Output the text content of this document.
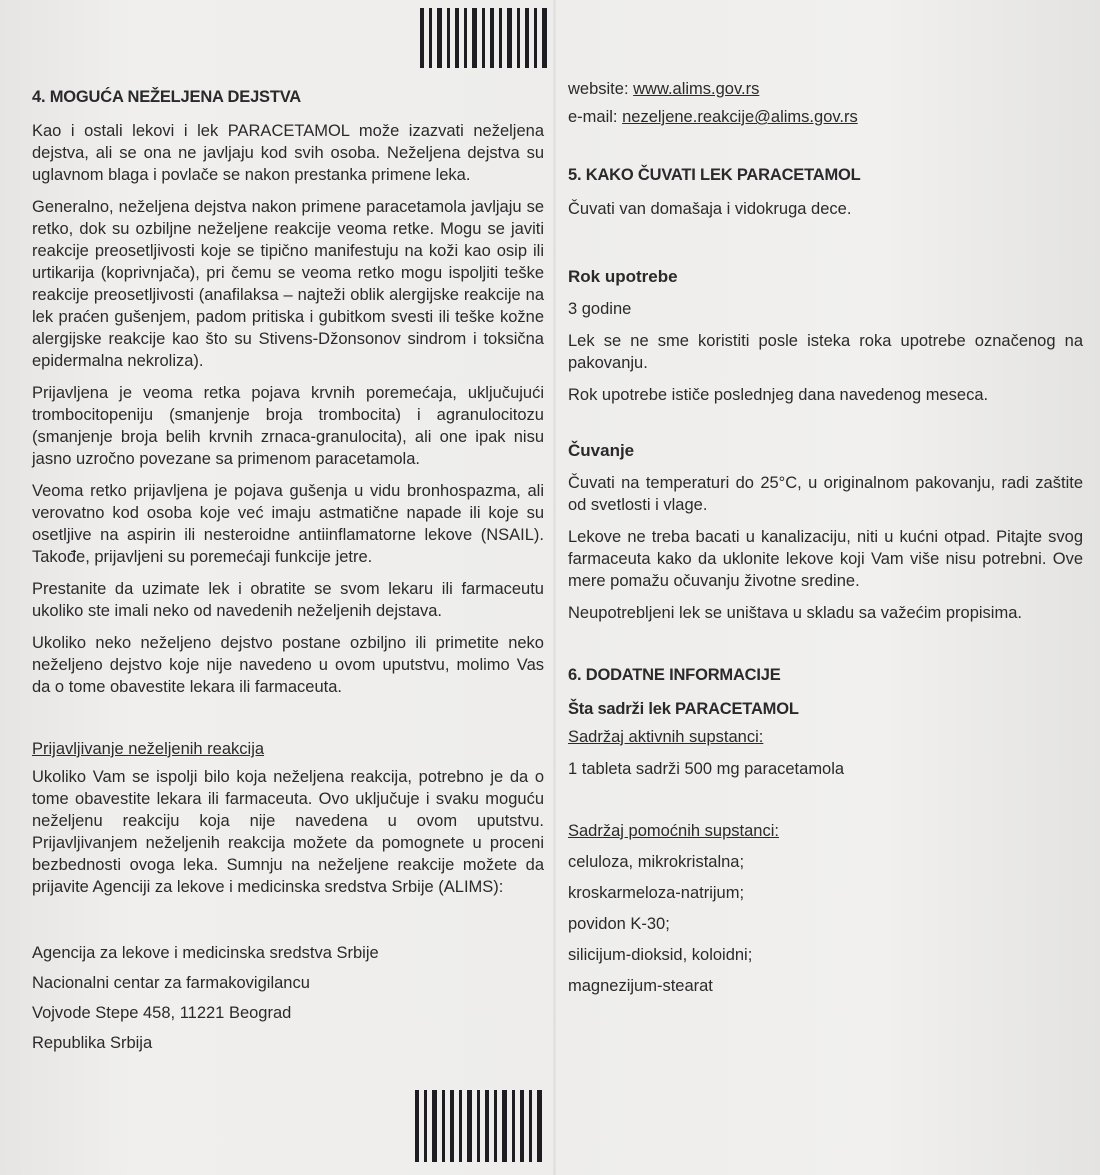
4. MOGUĆA NEŽELJENA DEJSTVA

Kao i ostali lekovi i lek PARACETAMOL može izazvati neželjena dejstva, ali se ona ne javljaju kod svih osoba. Neželjena dejstva su uglavnom blaga i povlače se nakon prestanka primene leka.

Generalno, neželjena dejstva nakon primene paracetamola javljaju se retko, dok su ozbiljne neželjene reakcije veoma retke. Mogu se javiti reakcije preosetljivosti koje se tipično manifestuju na koži kao osip ili urtikarija (koprivnjača), pri čemu se veoma retko mogu ispoljiti teške reakcije preosetljivosti (anafilaksa – najteži oblik alergijske reakcije na lek praćen gušenjem, padom pritiska i gubitkom svesti ili teške kožne alergijske reakcije kao što su Stivens-Džonsonov sindrom i toksična epidermalna nekroliza).

Prijavljena je veoma retka pojava krvnih poremećaja, uključujući trombocitopeniju (smanjenje broja trombocita) i agranulocitozu (smanjenje broja belih krvnih zrnaca-granulocita), ali one ipak nisu jasno uzročno povezane sa primenom paracetamola.

Veoma retko prijavljena je pojava gušenja u vidu bronhospazma, ali verovatno kod osoba koje već imaju astmatične napade ili koje su osetljive na aspirin ili nesteroidne antiinflamatorne lekove (NSAIL). Takođe, prijavljeni su poremećaji funkcije jetre.

Prestanite da uzimate lek i obratite se svom lekaru ili farmaceutu ukoliko ste imali neko od navedenih neželjenih dejstava.

Ukoliko neko neželjeno dejstvo postane ozbiljno ili primetite neko neželjeno dejstvo koje nije navedeno u ovom uputstvu, molimo Vas da o tome obavestite lekara ili farmaceuta.

Prijavljivanje neželjenih reakcija

Ukoliko Vam se ispolji bilo koja neželjena reakcija, potrebno je da o tome obavestite lekara ili farmaceuta. Ovo uključuje i svaku moguću neželjenu reakciju koja nije navedena u ovom uputstvu. Prijavljivanjem neželjenih reakcija možete da pomognete u proceni bezbednosti ovoga leka. Sumnju na neželjene reakcije možete da prijavite Agenciji za lekove i medicinska sredstva Srbije (ALIMS):

Agencija za lekove i medicinska sredstva Srbije
Nacionalni centar za farmakovigilancu
Vojvode Stepe 458, 11221 Beograd
Republika Srbija
website: www.alims.gov.rs
e-mail: nezeljene.reakcije@alims.gov.rs
5. KAKO ČUVATI LEK PARACETAMOL

Čuvati van domašaja i vidokruga dece.

Rok upotrebe

3 godine

Lek se ne sme koristiti posle isteka roka upotrebe označenog na pakovanju.

Rok upotrebe ističe poslednjeg dana navedenog meseca.

Čuvanje

Čuvati na temperaturi do 25°C, u originalnom pakovanju, radi zaštite od svetlosti i vlage.

Lekove ne treba bacati u kanalizaciju, niti u kućni otpad. Pitajte svog farmaceuta kako da uklonite lekove koji Vam više nisu potrebni. Ove mere pomažu očuvanju životne sredine.

Neupotrebljeni lek se uništava u skladu sa važećim propisima.

6. DODATNE INFORMACIJE
Šta sadrži lek PARACETAMOL
Sadržaj aktivnih supstanci:

1 tableta sadrži 500 mg paracetamola

Sadržaj pomoćnih supstanci:
celuloza, mikrokristalna;
kroskarmeloza-natrijum;
povidon K-30;
silicijum-dioksid, koloidni;
magnezijum-stearat
